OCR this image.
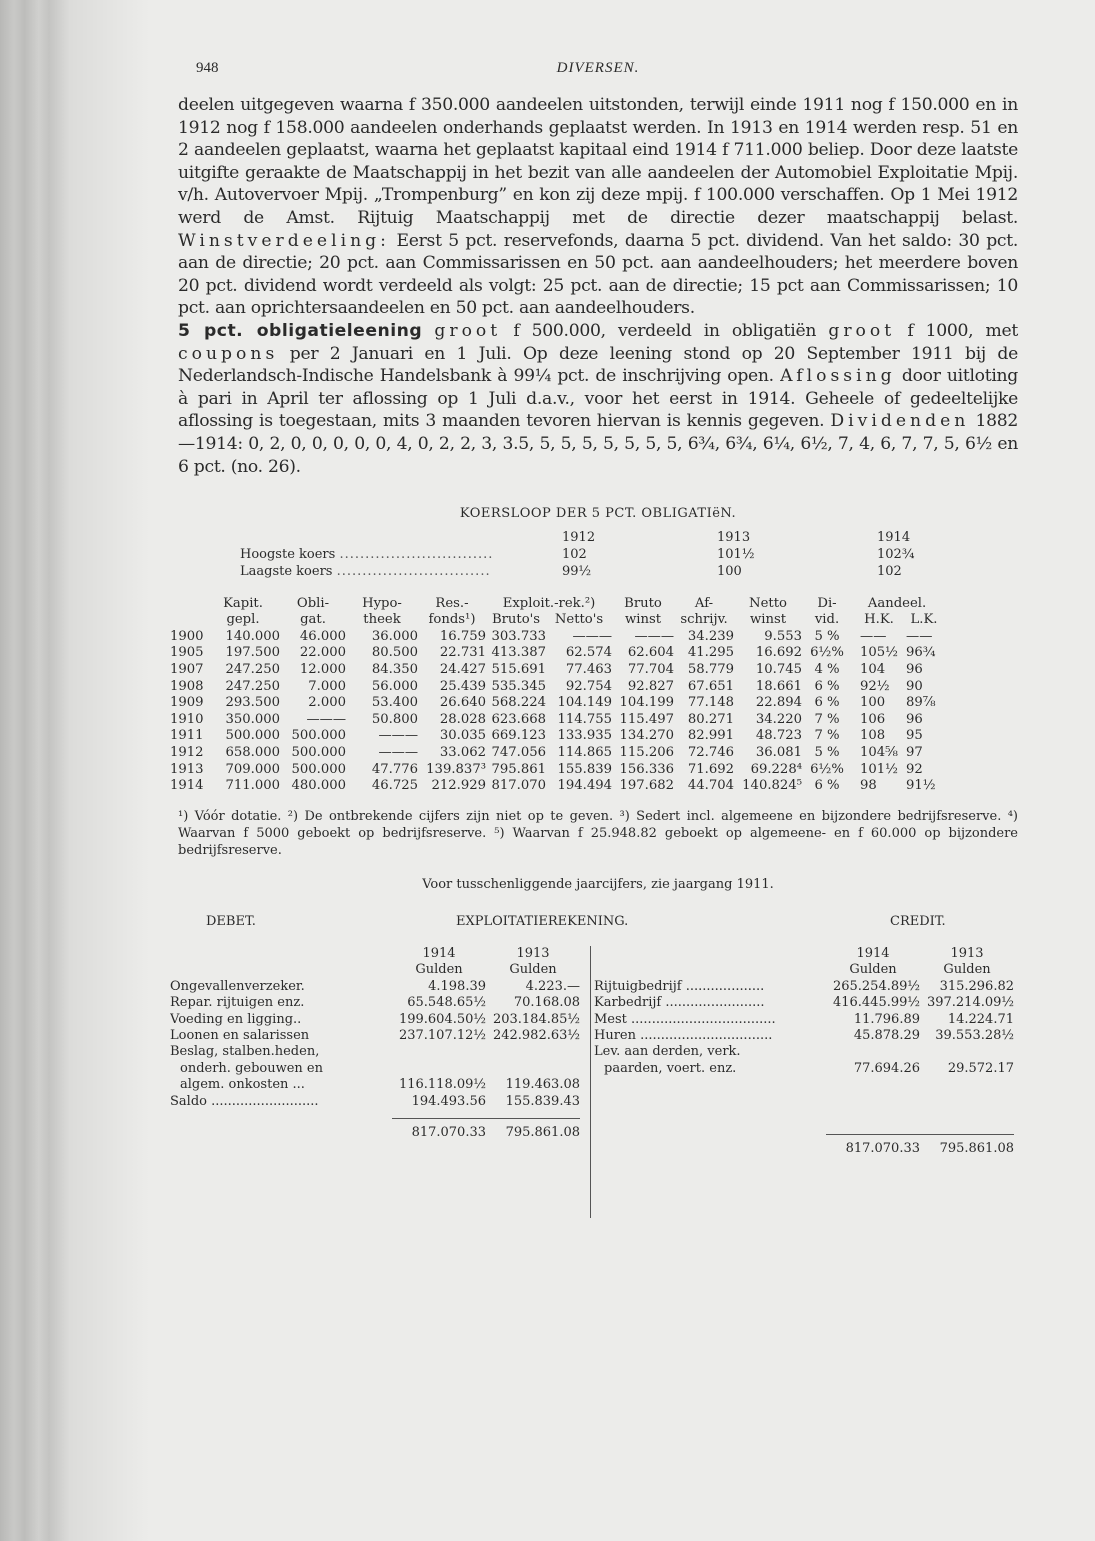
948	DIVERSEN.

deelen uitgegeven waarna f 350.000 aandeelen uitstonden, terwijl einde 1911 nog f 150.000 en in 1912 nog f 158.000 aandeelen onderhands geplaatst werden. In 1913 en 1914 werden resp. 51 en 2 aandeelen geplaatst, waarna het geplaatst kapitaal eind 1914 f 711.000 beliep. Door deze laatste uitgifte geraakte de Maatschappij in het bezit van alle aandeelen der Automobiel Exploitatie Mpij. v/h. Autovervoer Mpij. „Trompenburg” en kon zij deze mpij. f 100.000 verschaffen. Op 1 Mei 1912 werd de Amst. Rijtuig Maatschappij met de directie dezer maatschappij belast. Winstverdeeling: Eerst 5 pct. reservefonds, daarna 5 pct. dividend. Van het saldo: 30 pct. aan de directie; 20 pct. aan Commissarissen en 50 pct. aan aandeelhouders; het meerdere boven 20 pct. dividend wordt verdeeld als volgt: 25 pct. aan de directie; 15 pct aan Commissarissen; 10 pct. aan oprichtersaandeelen en 50 pct. aan aandeelhouders.

5 pct. obligatieleening groot f 500.000, verdeeld in obligatiën groot f 1000, met coupons per 2 Januari en 1 Juli. Op deze leening stond op 20 September 1911 bij de Nederlandsch-Indische Handelsbank à 99¼ pct. de inschrijving open. Aflossing door uitloting à pari in April ter aflossing op 1 Juli d.a.v., voor het eerst in 1914. Geheele of gedeeltelijke aflossing is toegestaan, mits 3 maanden tevoren hiervan is kennis gegeven. Dividenden 1882—1914: 0, 2, 0, 0, 0, 0, 0, 4, 0, 2, 2, 3, 3.5, 5, 5, 5, 5, 5, 5, 5, 6¾, 6¾, 6¼, 6½, 7, 4, 6, 7, 7, 5, 6½ en 6 pct. (no. 26).

KOERSLOOP DER 5 PCT. OBLIGATIëN.
	1912	1913	1914
Hoogste koers ..............................	102	101½	102¾
Laagste koers ..............................	99½	100	102
	Kapit.	Obli-	Hypo-	Res.-	Exploit.-rek.²)		Bruto	Af-	Netto	Di-	Aandeel.	
	gepl.	gat.	theek	fonds¹)	Bruto's	Netto's	winst	schrijv.	winst	vid.	H.K.	L.K.
1900	140.000	46.000	36.000	16.759	303.733	———	———	34.239	9.553	5 %	——	——
1905	197.500	22.000	80.500	22.731	413.387	62.574	62.604	41.295	16.692	6½%	105½	96¾
1907	247.250	12.000	84.350	24.427	515.691	77.463	77.704	58.779	10.745	4 %	104	96
1908	247.250	7.000	56.000	25.439	535.345	92.754	92.827	67.651	18.661	6 %	92½	90
1909	293.500	2.000	53.400	26.640	568.224	104.149	104.199	77.148	22.894	6 %	100	89⅞
1910	350.000	———	50.800	28.028	623.668	114.755	115.497	80.271	34.220	7 %	106	96
1911	500.000	500.000	———	30.035	669.123	133.935	134.270	82.991	48.723	7 %	108	95
1912	658.000	500.000	———	33.062	747.056	114.865	115.206	72.746	36.081	5 %	104⅝	97
1913	709.000	500.000	47.776	139.837³	795.861	155.839	156.336	71.692	69.228⁴	6½%	101½	92
1914	711.000	480.000	46.725	212.929	817.070	194.494	197.682	44.704	140.824⁵	6 %	98	91½

¹) Vóór dotatie. ²) De ontbrekende cijfers zijn niet op te geven. ³) Sedert incl. algemeene en bijzondere bedrijfsreserve. ⁴) Waarvan f 5000 geboekt op bedrijfsreserve. ⁵) Waarvan f 25.948.82 geboekt op algemeene- en f 60.000 op bijzondere bedrijfsreserve.

Voor tusschenliggende jaarcijfers, zie jaargang 1911.
DEBET.	EXPLOITATIEREKENING.	CREDIT.
1914	1913
Gulden	Gulden
Ongevallenverzeker.	4.198.39	4.223.—
Repar. rijtuigen enz.	65.548.65½	70.168.08
Voeding en ligging..	199.604.50½ 203.184.85½
Loonen en salarissen	237.107.12½ 242.982.63½
Beslag, stalben.heden,
onderh. gebouwen en
algem. onkosten ...	116.118.09½	119.463.08
Saldo ..........................	194.493.56	155.839.43
817.070.33	795.861.08
1914	1913
Gulden	Gulden
Rijtuigbedrijf ...................	265.254.89½	315.296.82
Karbedrijf ........................	416.445.99½ 397.214.09½
Mest ...................................	11.796.89	14.224.71
Huren ................................	45.878.29	39.553.28½
Lev. aan derden, verk.
paarden, voert. enz.	77.694.26	29.572.17
817.070.33	795.861.08
